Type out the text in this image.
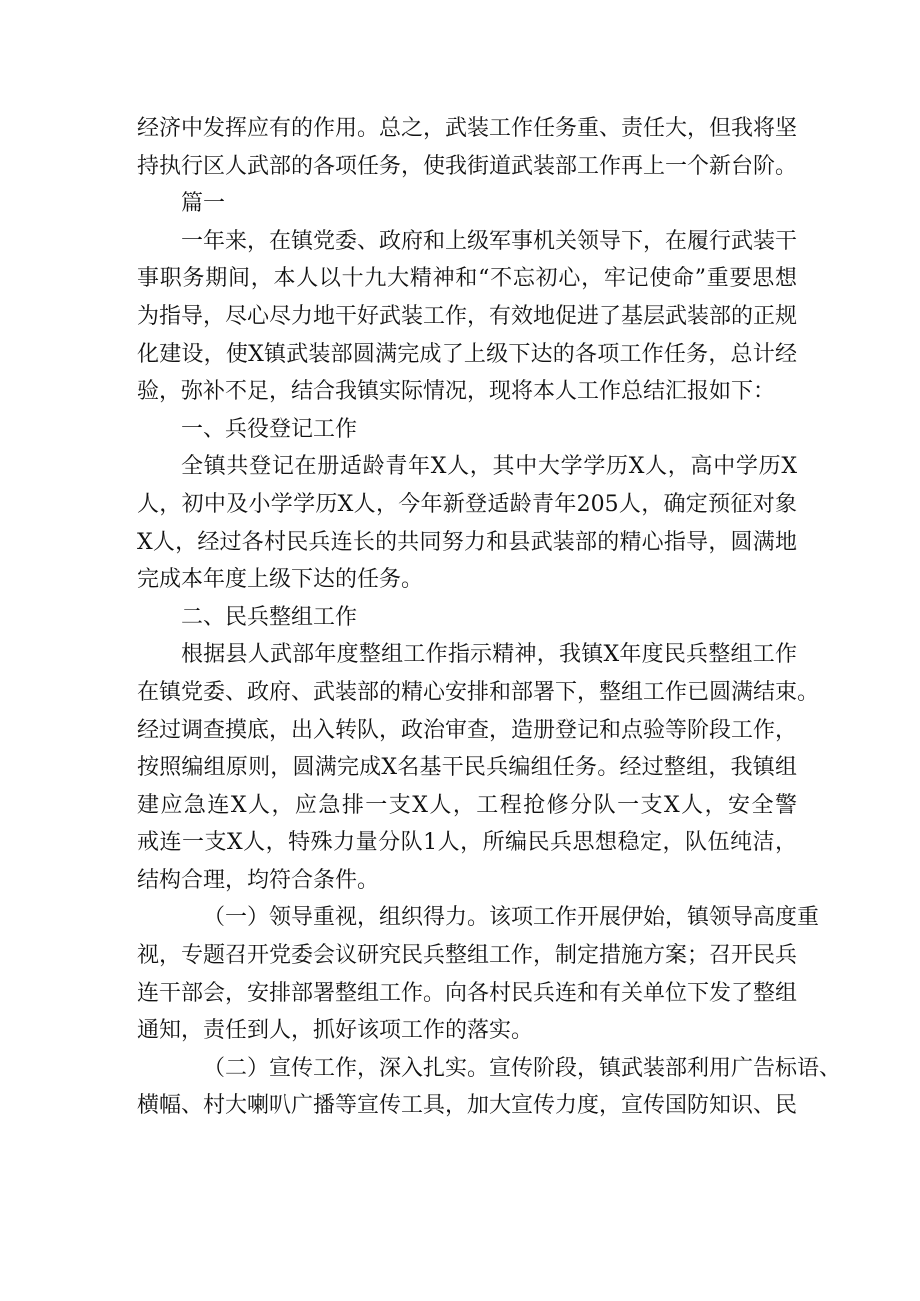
经济中发挥应有的作用。总之，武装工作任务重、责任大，但我将坚
持执行区人武部的各项任务，使我街道武装部工作再上一个新台阶。
篇一
一年来，在镇党委、政府和上级军事机关领导下，在履行武装干
事职务期间，本人以十九大精神和“不忘初心，牢记使命”重要思想
为指导，尽心尽力地干好武装工作，有效地促进了基层武装部的正规
化建设，使X镇武装部圆满完成了上级下达的各项工作任务，总计经
验，弥补不足，结合我镇实际情况，现将本人工作总结汇报如下：
一、兵役登记工作
全镇共登记在册适龄青年X人，其中大学学历X人，高中学历X
人，初中及小学学历X人，今年新登适龄青年205人，确定预征对象
X人，经过各村民兵连长的共同努力和县武装部的精心指导，圆满地
完成本年度上级下达的任务。
二、民兵整组工作
根据县人武部年度整组工作指示精神，我镇X年度民兵整组工作
在镇党委、政府、武装部的精心安排和部署下，整组工作已圆满结束。
经过调查摸底，出入转队，政治审查，造册登记和点验等阶段工作，
按照编组原则，圆满完成X名基干民兵编组任务。经过整组，我镇组
建应急连X人，应急排一支X人，工程抢修分队一支X人，安全警
戒连一支X人，特殊力量分队1人，所编民兵思想稳定，队伍纯洁，
结构合理，均符合条件。
（一）领导重视，组织得力。该项工作开展伊始，镇领导高度重
视，专题召开党委会议研究民兵整组工作，制定措施方案；召开民兵
连干部会，安排部署整组工作。向各村民兵连和有关单位下发了整组
通知，责任到人，抓好该项工作的落实。
（二）宣传工作，深入扎实。宣传阶段，镇武装部利用广告标语、
横幅、村大喇叭广播等宣传工具，加大宣传力度，宣传国防知识、民
